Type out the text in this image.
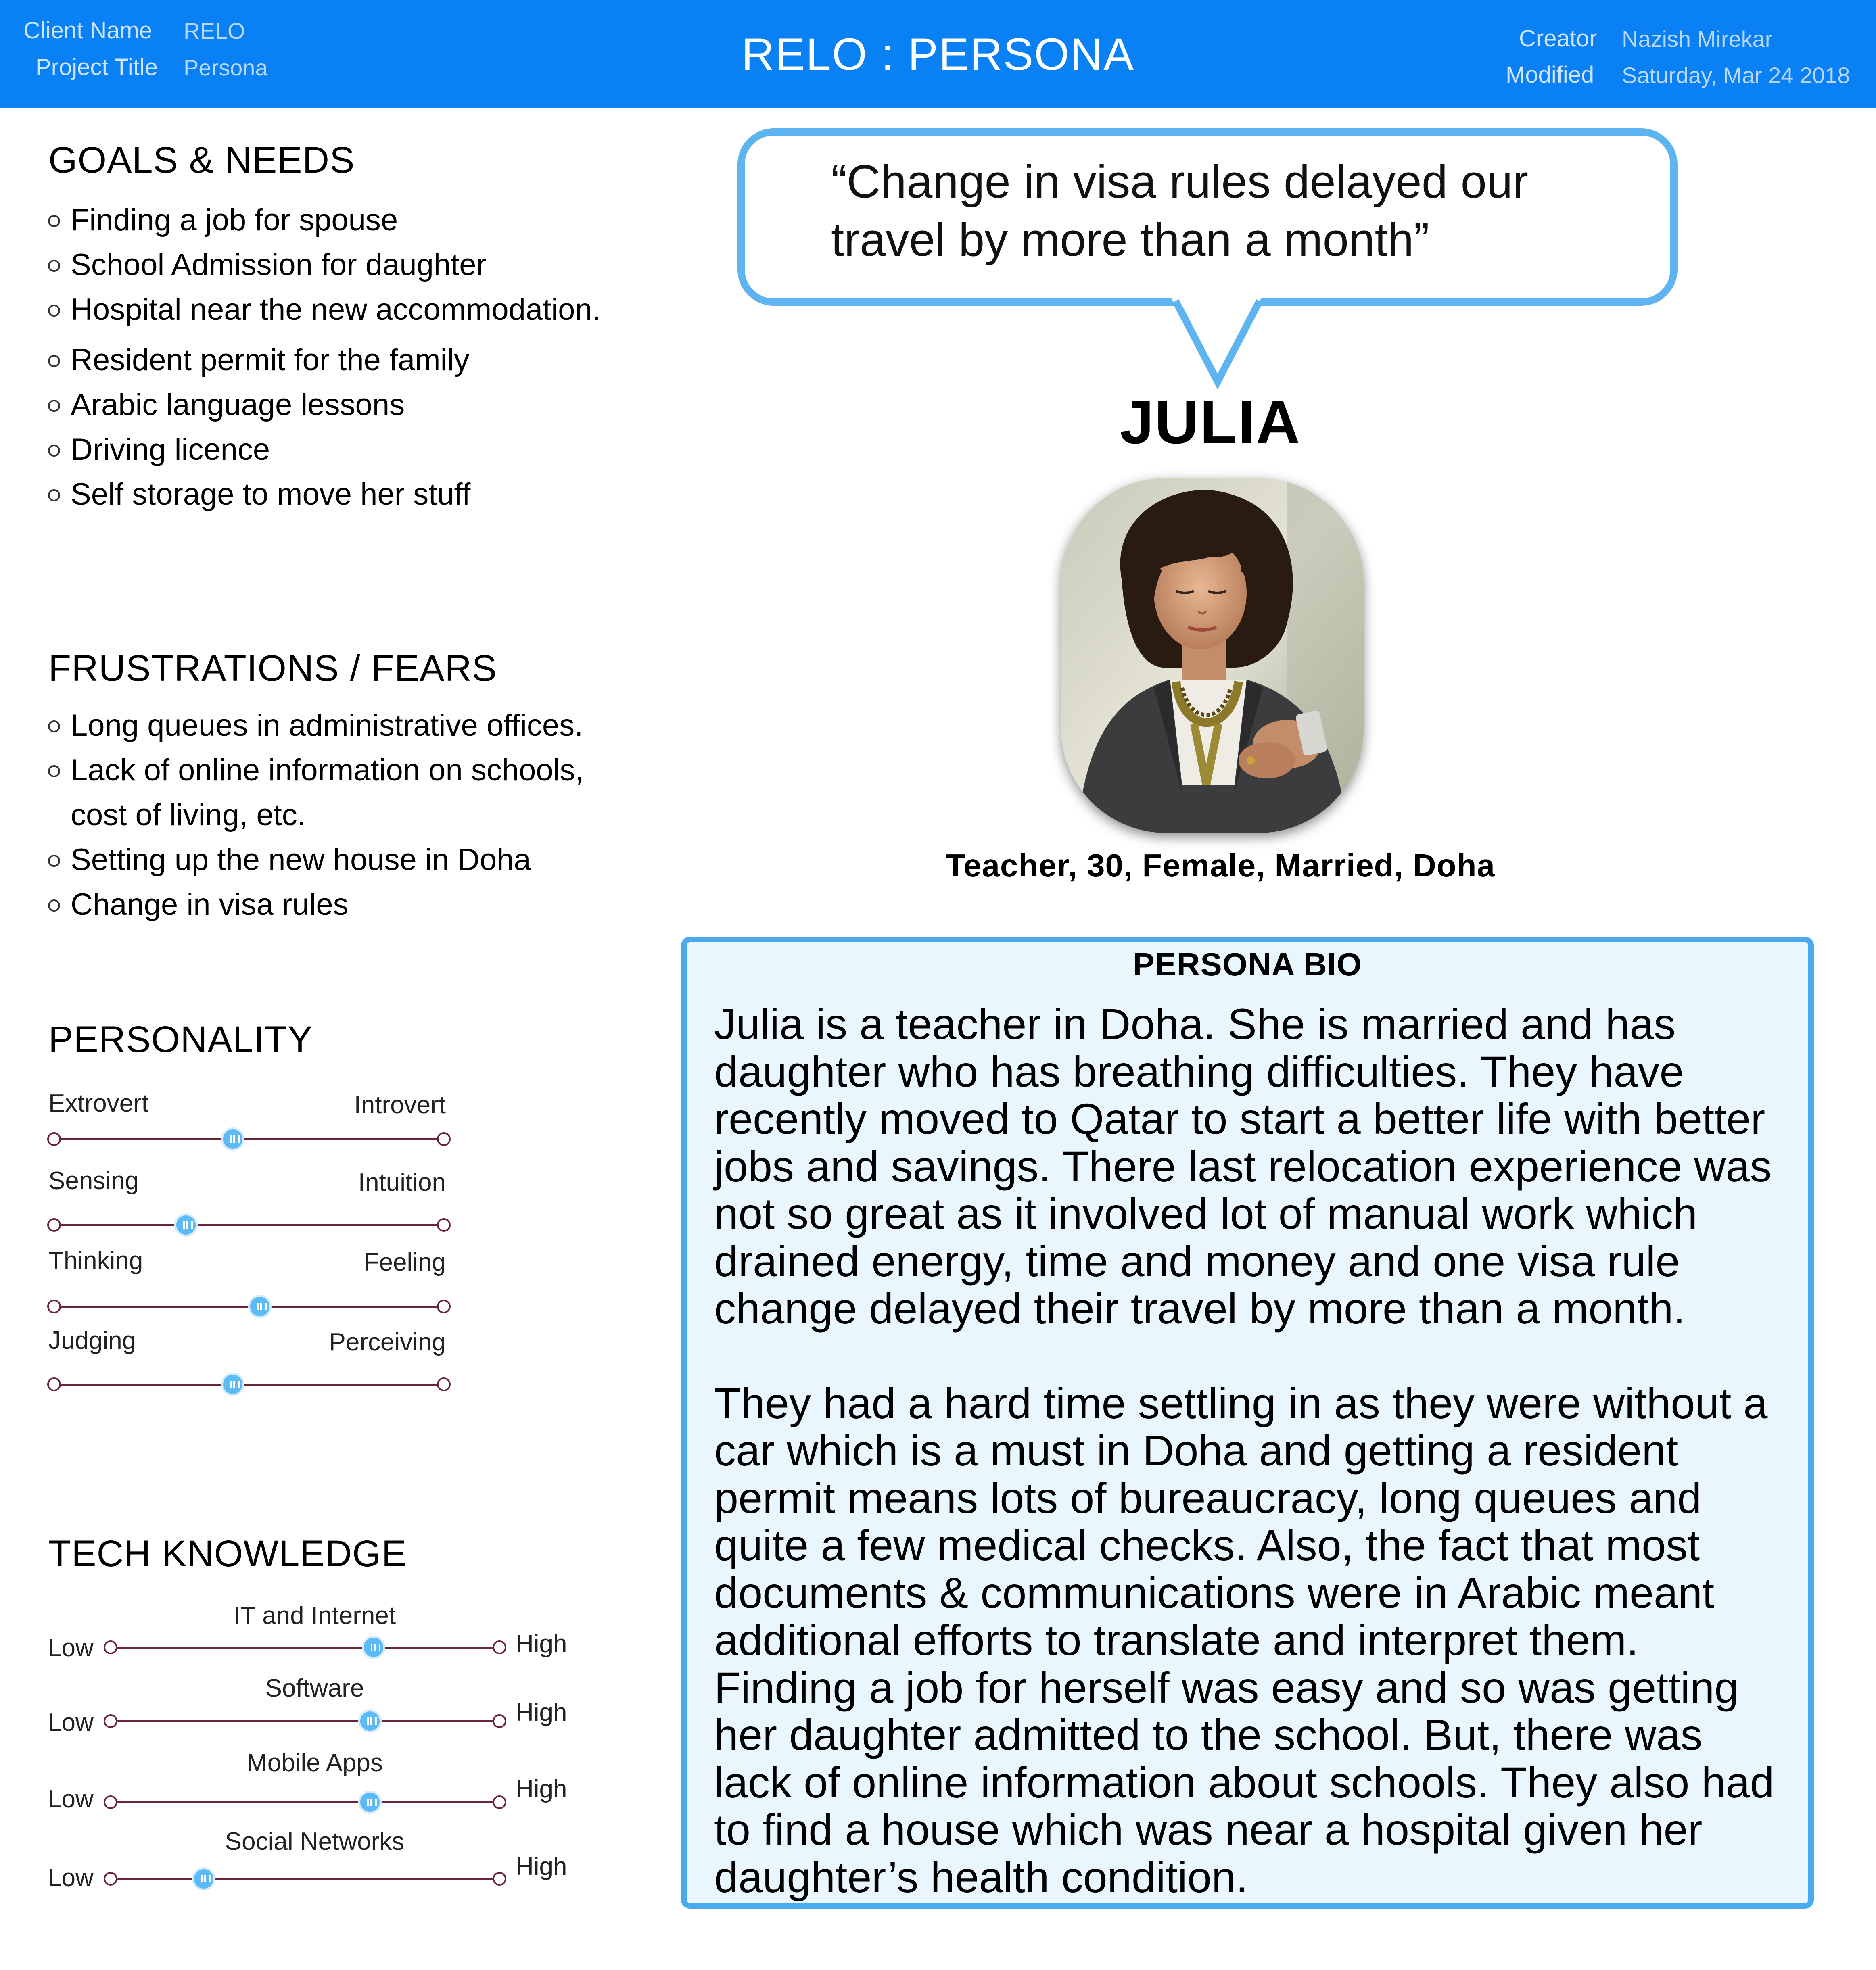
Client Name RELO
Project Title Persona	RELO : PERSONA	Creator Nazish Mirekar
Modified Saturday, Mar 24 2018
GOALS & NEEDS
Finding a job for spouse
School Admission for daughter
Hospital near the new accommodation.
Resident permit for the family
Arabic language lessons
Driving licence
Self storage to move her stuff
FRUSTRATIONS / FEARS
Long queues in administrative offices.
Lack of online information on schools,
cost of living, etc.
Setting up the new house in Doha
Change in visa rules
PERSONALITY
Extrovert	Introvert
Sensing	Intuition
Thinking	Feeling
Judging	Perceiving
TECH KNOWLEDGE
IT and Internet
Low	High
Software
Low	High
Mobile Apps
Low	High
Social Networks
Low	High
“Change in visa rules delayed our travel by more than a month”
JULIA
Teacher, 30, Female, Married, Doha
PERSONA BIO

Julia is a teacher in Doha. She is married and has daughter who has breathing difficulties. They have recently moved to Qatar to start a better life with better jobs and savings. There last relocation experience was not so great as it involved lot of manual work which drained energy, time and money and one visa rule change delayed their travel by more than a month.

They had a hard time settling in as they were without a car which is a must in Doha and getting a resident permit means lots of bureaucracy, long queues and quite a few medical checks. Also, the fact that most documents & communications were in Arabic meant additional efforts to translate and interpret them. Finding a job for herself was easy and so was getting her daughter admitted to the school. But, there was lack of online information about schools. They also had to find a house which was near a hospital given her daughter’s health condition.
